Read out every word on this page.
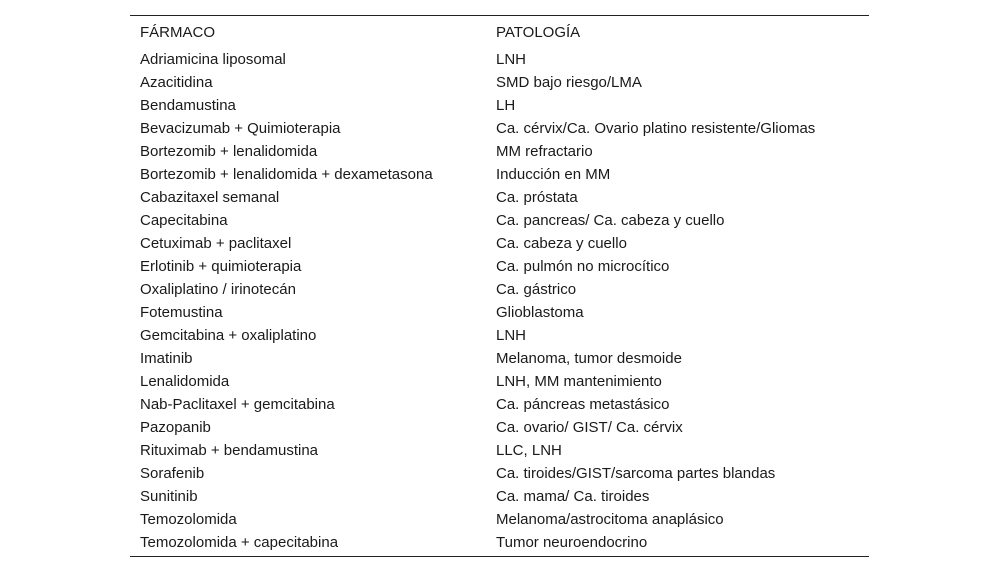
FÁRMACO	PATOLOGÍA
Adriamicina liposomal	LNH
Azacitidina	SMD bajo riesgo/LMA
Bendamustina	LH
Bevacizumab + Quimioterapia	Ca. cérvix/Ca. Ovario platino resistente/Gliomas
Bortezomib + lenalidomida	MM refractario
Bortezomib + lenalidomida + dexametasona	Inducción en MM
Cabazitaxel semanal	Ca. próstata
Capecitabina	Ca. pancreas/ Ca. cabeza y cuello
Cetuximab + paclitaxel	Ca. cabeza y cuello
Erlotinib + quimioterapia	Ca. pulmón no microcítico
Oxaliplatino / irinotecán	Ca. gástrico
Fotemustina	Glioblastoma
Gemcitabina + oxaliplatino	LNH
Imatinib	Melanoma, tumor desmoide
Lenalidomida	LNH, MM mantenimiento
Nab-Paclitaxel + gemcitabina	Ca. páncreas metastásico
Pazopanib	Ca. ovario/ GIST/ Ca. cérvix
Rituximab + bendamustina	LLC, LNH
Sorafenib	Ca. tiroides/GIST/sarcoma partes blandas
Sunitinib	Ca. mama/ Ca. tiroides
Temozolomida	Melanoma/astrocitoma anaplásico
Temozolomida + capecitabina	Tumor neuroendocrino
